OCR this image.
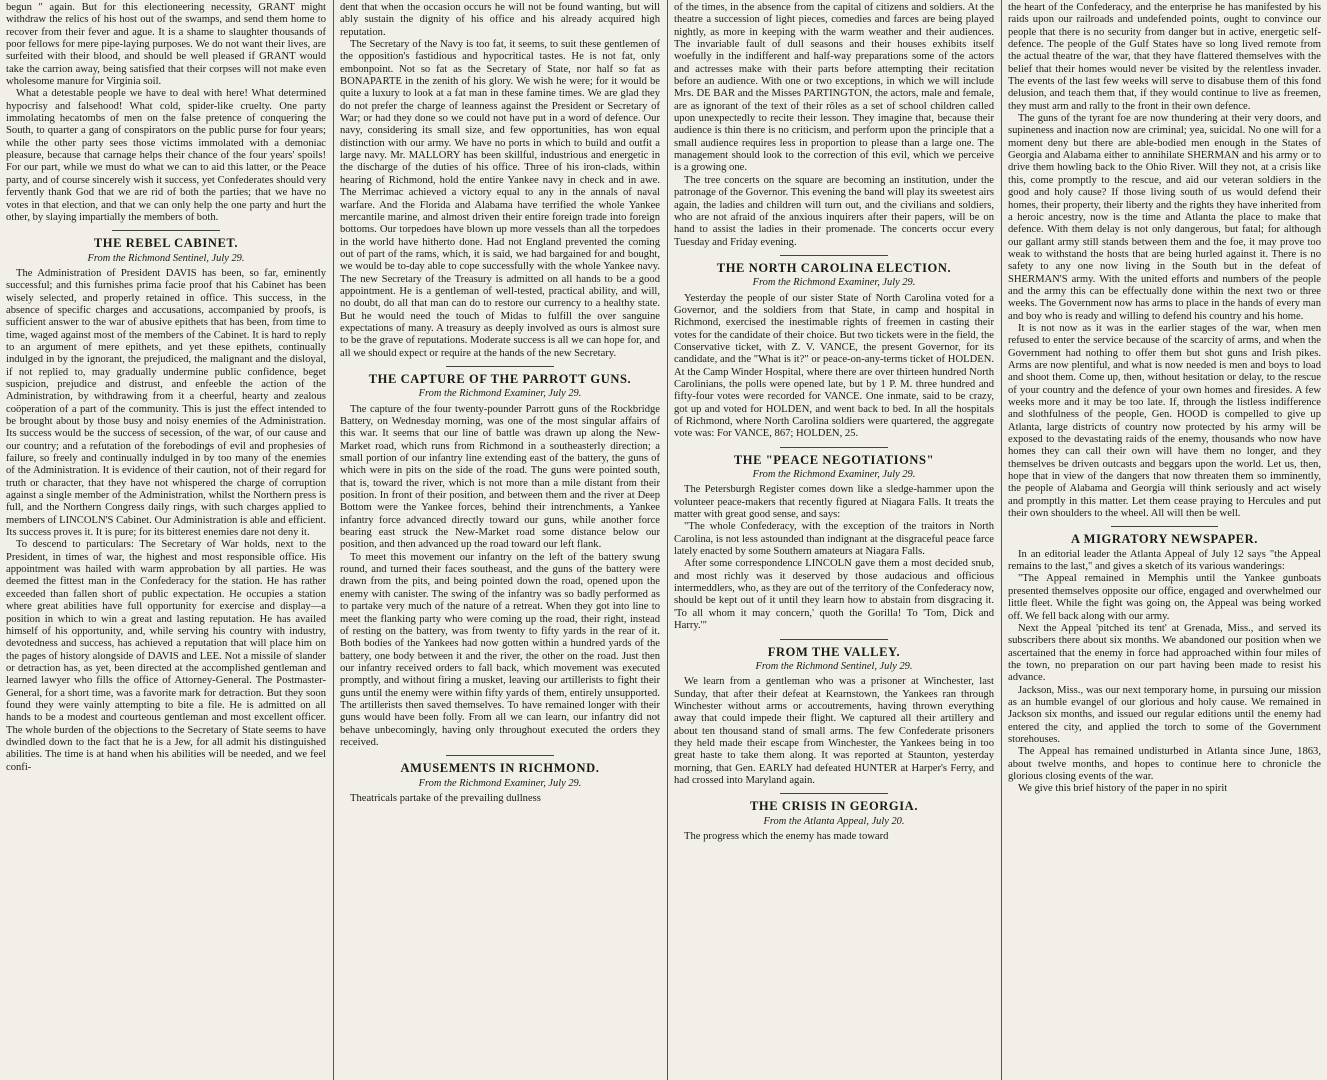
begun " again. But for this electioneering necessity, GRANT might withdraw the relics of his host out of the swamps, and send them home to recover from their fever and ague. It is a shame to slaughter thousands of poor fellows for mere pipe-laying purposes. We do not want their lives, are surfeited with their blood, and should be well pleased if GRANT would take the carrion away, being satisfied that their corpses will not make even wholesome manure for Virginia soil.

What a detestable people we have to deal with here! What determined hypocrisy and falsehood! What cold, spider-like cruelty. One party immolating hecatombs of men on the false pretence of conquering the South, to quarter a gang of conspirators on the public purse for four years; while the other party sees those victims immolated with a demoniac pleasure, because that carnage helps their chance of the four years' spoils! For our part, while we must do what we can to aid this latter, or the Peace party, and of course sincerely wish it success, yet Confederates should very fervently thank God that we are rid of both the parties; that we have no votes in that election, and that we can only help the one party and hurt the other, by slaying impartially the members of both.

THE REBEL CABINET.
From the Richmond Sentinel, July 29.

The Administration of President DAVIS has been, so far, eminently successful; and this furnishes prima facie proof that his Cabinet has been wisely selected, and properly retained in office. This success, in the absence of specific charges and accusations, accompanied by proofs, is sufficient answer to the war of abusive epithets that has been, from time to time, waged against most of the members of the Cabinet. It is hard to reply to an argument of mere epithets, and yet these epithets, continually indulged in by the ignorant, the prejudiced, the malignant and the disloyal, if not replied to, may gradually undermine public confidence, beget suspicion, prejudice and distrust, and enfeeble the action of the Administration, by withdrawing from it a cheerful, hearty and zealous coöperation of a part of the community. This is just the effect intended to be brought about by those busy and noisy enemies of the Administration. Its success would be the success of secession, of the war, of our cause and our country; and a refutation of the forebodings of evil and prophesies of failure, so freely and continually indulged in by too many of the enemies of the Administration. It is evidence of their caution, not of their regard for truth or character, that they have not whispered the charge of corruption against a single member of the Administration, whilst the Northern press is full, and the Northern Congress daily rings, with such charges applied to members of LINCOLN'S Cabinet. Our Administration is able and efficient. Its success proves it. It is pure; for its bitterest enemies dare not deny it.

To descend to particulars: The Secretary of War holds, next to the President, in times of war, the highest and most responsible office. His appointment was hailed with warm approbation by all parties. He was deemed the fittest man in the Confederacy for the station. He has rather exceeded than fallen short of public expectation. He occupies a station where great abilities have full opportunity for exercise and display—a position in which to win a great and lasting reputation. He has availed himself of his opportunity, and, while serving his country with industry, devotedness and success, has achieved a reputation that will place him on the pages of history alongside of DAVIS and LEE. Not a missile of slander or detraction has, as yet, been directed at the accomplished gentleman and learned lawyer who fills the office of Attorney-General. The Postmaster-General, for a short time, was a favorite mark for detraction. But they soon found they were vainly attempting to bite a file. He is admitted on all hands to be a modest and courteous gentleman and most excellent officer. The whole burden of the objections to the Secretary of State seems to have dwindled down to the fact that he is a Jew, for all admit his distinguished abilities. The time is at hand when his abilities will be needed, and we feel confi-

dent that when the occasion occurs he will not be found wanting, but will ably sustain the dignity of his office and his already acquired high reputation.

The Secretary of the Navy is too fat, it seems, to suit these gentlemen of the opposition's fastidious and hypocritical tastes. He is not fat, only embonpoint. Not so fat as the Secretary of State, nor half so fat as BONAPARTE in the zenith of his glory. We wish he were; for it would be quite a luxury to look at a fat man in these famine times. We are glad they do not prefer the charge of leanness against the President or Secretary of War; or had they done so we could not have put in a word of defence. Our navy, considering its small size, and few opportunities, has won equal distinction with our army. We have no ports in which to build and outfit a large navy. Mr. MALLORY has been skillful, industrious and energetic in the discharge of the duties of his office. Three of his iron-clads, within hearing of Richmond, hold the entire Yankee navy in check and in awe. The Merrimac achieved a victory equal to any in the annals of naval warfare. And the Florida and Alabama have terrified the whole Yankee mercantile marine, and almost driven their entire foreign trade into foreign bottoms. Our torpedoes have blown up more vessels than all the torpedoes in the world have hitherto done. Had not England prevented the coming out of part of the rams, which, it is said, we had bargained for and bought, we would be to-day able to cope successfully with the whole Yankee navy. The new Secretary of the Treasury is admitted on all hands to be a good appointment. He is a gentleman of well-tested, practical ability, and will, no doubt, do all that man can do to restore our currency to a healthy state. But he would need the touch of Midas to fulfill the over sanguine expectations of many. A treasury as deeply involved as ours is almost sure to be the grave of reputations. Moderate success is all we can hope for, and all we should expect or require at the hands of the new Secretary.

THE CAPTURE OF THE PARROTT GUNS.
From the Richmond Examiner, July 29.

The capture of the four twenty-pounder Parrott guns of the Rockbridge Battery, on Wednesday morning, was one of the most singular affairs of this war. It seems that our line of battle was drawn up along the New-Market road, which runs from Richmond in a southeasterly direction; a small portion of our infantry line extending east of the battery, the guns of which were in pits on the side of the road. The guns were pointed south, that is, toward the river, which is not more than a mile distant from their position. In front of their position, and between them and the river at Deep Bottom were the Yankee forces, behind their intrenchments, a Yankee infantry force advanced directly toward our guns, while another force bearing east struck the New-Market road some distance below our position, and then advanced up the road toward our left flank.

To meet this movement our infantry on the left of the battery swung round, and turned their faces southeast, and the guns of the battery were drawn from the pits, and being pointed down the road, opened upon the enemy with canister. The swing of the infantry was so badly performed as to partake very much of the nature of a retreat. When they got into line to meet the flanking party who were coming up the road, their right, instead of resting on the battery, was from twenty to fifty yards in the rear of it. Both bodies of the Yankees had now gotten within a hundred yards of the battery, one body between it and the river, the other on the road. Just then our infantry received orders to fall back, which movement was executed promptly, and without firing a musket, leaving our artillerists to fight their guns until the enemy were within fifty yards of them, entirely unsupported. The artillerists then saved themselves. To have remained longer with their guns would have been folly. From all we can learn, our infantry did not behave unbecomingly, having only throughout executed the orders they received.

AMUSEMENTS IN RICHMOND.
From the Richmond Examiner, July 29.

Theatricals partake of the prevailing dullness

of the times, in the absence from the capital of citizens and soldiers. At the theatre a succession of light pieces, comedies and farces are being played nightly, as more in keeping with the warm weather and their audiences. The invariable fault of dull seasons and their houses exhibits itself woefully in the indifferent and half-way preparations some of the actors and actresses make with their parts before attempting their recitation before an audience. With one or two exceptions, in which we will include Mrs. DE BAR and the Misses PARTINGTON, the actors, male and female, are as ignorant of the text of their rôles as a set of school children called upon unexpectedly to recite their lesson. They imagine that, because their audience is thin there is no criticism, and perform upon the principle that a small audience requires less in proportion to please than a large one. The management should look to the correction of this evil, which we perceive is a growing one.

The tree concerts on the square are becoming an institution, under the patronage of the Governor. This evening the band will play its sweetest airs again, the ladies and children will turn out, and the civilians and soldiers, who are not afraid of the anxious inquirers after their papers, will be on hand to assist the ladies in their promenade. The concerts occur every Tuesday and Friday evening.

THE NORTH CAROLINA ELECTION.
From the Richmond Examiner, July 29.

Yesterday the people of our sister State of North Carolina voted for a Governor, and the soldiers from that State, in camp and hospital in Richmond, exercised the inestimable rights of freemen in casting their votes for the candidate of their choice. But two tickets were in the field, the Conservative ticket, with Z. V. VANCE, the present Governor, for its candidate, and the "What is it?" or peace-on-any-terms ticket of HOLDEN. At the Camp Winder Hospital, where there are over thirteen hundred North Carolinians, the polls were opened late, but by 1 P. M. three hundred and fifty-four votes were recorded for VANCE. One inmate, said to be crazy, got up and voted for HOLDEN, and went back to bed. In all the hospitals of Richmond, where North Carolina soldiers were quartered, the aggregate vote was: For VANCE, 867; HOLDEN, 25.

THE "PEACE NEGOTIATIONS"
From the Richmond Examiner, July 29.

The Petersburgh Register comes down like a sledge-hammer upon the volunteer peace-makers that recently figured at Niagara Falls. It treats the matter with great good sense, and says:

"The whole Confederacy, with the exception of the traitors in North Carolina, is not less astounded than indignant at the disgraceful peace farce lately enacted by some Southern amateurs at Niagara Falls.

After some correspondence LINCOLN gave them a most decided snub, and most richly was it deserved by those audacious and officious intermeddlers, who, as they are out of the territory of the Confederacy now, should be kept out of it until they learn how to abstain from disgracing it. 'To all whom it may concern,' quoth the Gorilla! To 'Tom, Dick and Harry.'"

FROM THE VALLEY.
From the Richmond Sentinel, July 29.

We learn from a gentleman who was a prisoner at Winchester, last Sunday, that after their defeat at Kearnstown, the Yankees ran through Winchester without arms or accoutrements, having thrown everything away that could impede their flight. We captured all their artillery and about ten thousand stand of small arms. The few Confederate prisoners they held made their escape from Winchester, the Yankees being in too great haste to take them along. It was reported at Staunton, yesterday morning, that Gen. EARLY had defeated HUNTER at Harper's Ferry, and had crossed into Maryland again.

THE CRISIS IN GEORGIA.
From the Atlanta Appeal, July 20.

The progress which the enemy has made toward

the heart of the Confederacy, and the enterprise he has manifested by his raids upon our railroads and undefended points, ought to convince our people that there is no security from danger but in active, energetic self-defence. The people of the Gulf States have so long lived remote from the actual theatre of the war, that they have flattered themselves with the belief that their homes would never be visited by the relentless invader. The events of the last few weeks will serve to disabuse them of this fond delusion, and teach them that, if they would continue to live as freemen, they must arm and rally to the front in their own defence.

The guns of the tyrant foe are now thundering at their very doors, and supineness and inaction now are criminal; yea, suicidal. No one will for a moment deny but there are able-bodied men enough in the States of Georgia and Alabama either to annihilate SHERMAN and his army or to drive them howling back to the Ohio River. Will they not, at a crisis like this, come promptly to the rescue, and aid our veteran soldiers in the good and holy cause? If those living south of us would defend their homes, their property, their liberty and the rights they have inherited from a heroic ancestry, now is the time and Atlanta the place to make that defence. With them delay is not only dangerous, but fatal; for although our gallant army still stands between them and the foe, it may prove too weak to withstand the hosts that are being hurled against it. There is no safety to any one now living in the South but in the defeat of SHERMAN'S army. With the united efforts and numbers of the people and the army this can be effectually done within the next two or three weeks. The Government now has arms to place in the hands of every man and boy who is ready and willing to defend his country and his home.

It is not now as it was in the earlier stages of the war, when men refused to enter the service because of the scarcity of arms, and when the Government had nothing to offer them but shot guns and Irish pikes. Arms are now plentiful, and what is now needed is men and boys to load and shoot them. Come up, then, without hesitation or delay, to the rescue of your country and the defence of your own homes and firesides. A few weeks more and it may be too late. If, through the listless indifference and slothfulness of the people, Gen. HOOD is compelled to give up Atlanta, large districts of country now protected by his army will be exposed to the devastating raids of the enemy, thousands who now have homes they can call their own will have them no longer, and they themselves be driven outcasts and beggars upon the world. Let us, then, hope that in view of the dangers that now threaten them so imminently, the people of Alabama and Georgia will think seriously and act wisely and promptly in this matter. Let them cease praying to Hercules and put their own shoulders to the wheel. All will then be well.

A MIGRATORY NEWSPAPER.

In an editorial leader the Atlanta Appeal of July 12 says "the Appeal remains to the last," and gives a sketch of its various wanderings:

"The Appeal remained in Memphis until the Yankee gunboats presented themselves opposite our office, engaged and overwhelmed our little fleet. While the fight was going on, the Appeal was being worked off. We fell back along with our army.

Next the Appeal 'pitched its tent' at Grenada, Miss., and served its subscribers there about six months. We abandoned our position when we ascertained that the enemy in force had approached within four miles of the town, no preparation on our part having been made to resist his advance.

Jackson, Miss., was our next temporary home, in pursuing our mission as an humble evangel of our glorious and holy cause. We remained in Jackson six months, and issued our regular editions until the enemy had entered the city, and applied the torch to some of the Government storehouses.

The Appeal has remained undisturbed in Atlanta since June, 1863, about twelve months, and hopes to continue here to chronicle the glorious closing events of the war.

We give this brief history of the paper in no spirit
